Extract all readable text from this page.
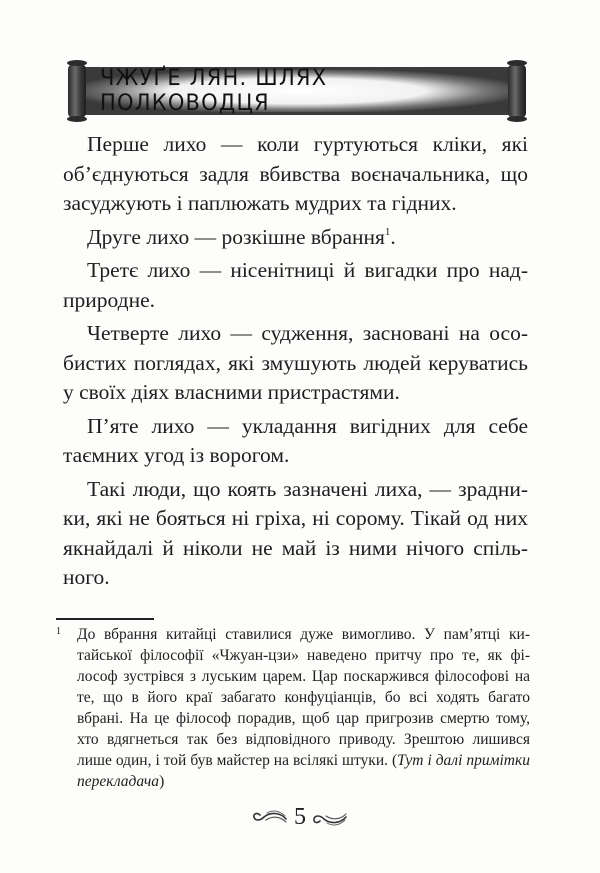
ЧЖУҐЕ ЛЯН. ШЛЯХ ПОЛКОВОДЦЯ

Перше лихо — коли гуртуються кліки, які об’єднуються задля вбивства воєначальника, що засуджують і паплюжать мудрих та гідних.

Друге лихо — розкішне вбрання$^1$.

Третє лихо — нісенітниці й вигадки про надприродне.

Четверте лихо — судження, засновані на особистих поглядах, які змушують людей керуватись у своїх діях власними пристрастями.

П’яте лихо — укладання вигідних для себе таємних угод із ворогом.

Такі люди, що коять зазначені лиха, — зрадники, які не бояться ні гріха, ні сорому. Тікай од них якнайдалі й ніколи не май із ними нічого спільного.

1 До вбрання китайці ставилися дуже вимогливо. У пам’ятці китайської філософії «Чжуан-цзи» наведено притчу про те, як філософ зустрівся з луським царем. Цар поскаржився філософові на те, що в його краї забагато конфуціанців, бо всі ходять багато вбрані. На це філософ порадив, щоб цар пригрозив смертю тому, хто вдягнеться так без відповідного приводу. Зрештою лишився лише один, і той був майстер на всілякі штуки. (Тут і далі примітки перекладача)
5
